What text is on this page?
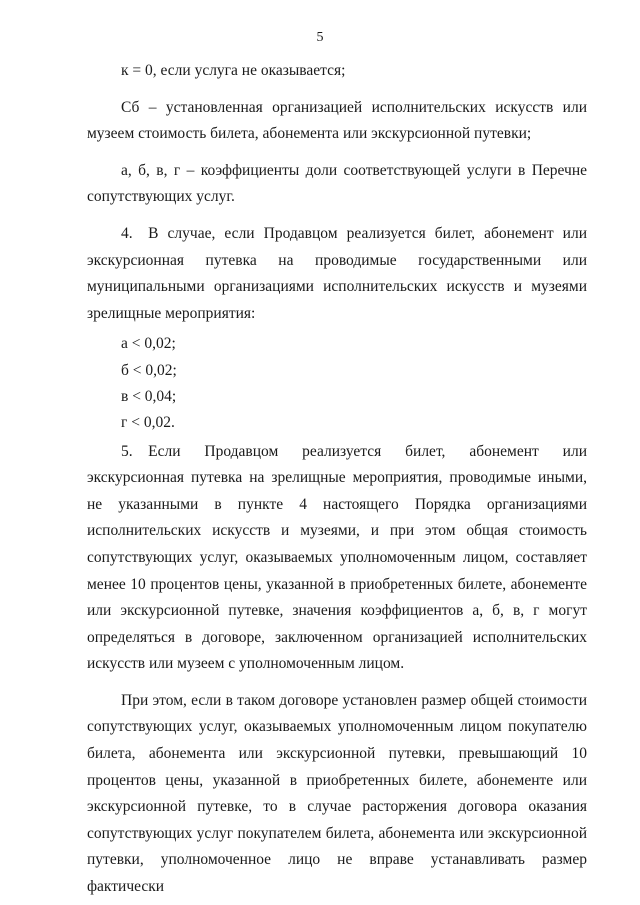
5

к = 0, если услуга не оказывается;

Сб – установленная организацией исполнительских искусств или музеем стоимость билета, абонемента или экскурсионной путевки;

а, б, в, г – коэффициенты доли соответствующей услуги в Перечне сопутствующих услуг.

4. В случае, если Продавцом реализуется билет, абонемент или экскурсионная путевка на проводимые государственными или муниципальными организациями исполнительских искусств и музеями зрелищные мероприятия:

а < 0,02;

б < 0,02;

в < 0,04;

г < 0,02.

5. Если Продавцом реализуется билет, абонемент или экскурсионная путевка на зрелищные мероприятия, проводимые иными, не указанными в пункте 4 настоящего Порядка организациями исполнительских искусств и музеями, и при этом общая стоимость сопутствующих услуг, оказываемых уполномоченным лицом, составляет менее 10 процентов цены, указанной в приобретенных билете, абонементе или экскурсионной путевке, значения коэффициентов а, б, в, г могут определяться в договоре, заключенном организацией исполнительских искусств или музеем с уполномоченным лицом.

При этом, если в таком договоре установлен размер общей стоимости сопутствующих услуг, оказываемых уполномоченным лицом покупателю билета, абонемента или экскурсионной путевки, превышающий 10 процентов цены, указанной в приобретенных билете, абонементе или экскурсионной путевке, то в случае расторжения договора оказания сопутствующих услуг покупателем билета, абонемента или экскурсионной путевки, уполномоченное лицо не вправе устанавливать размер фактически
